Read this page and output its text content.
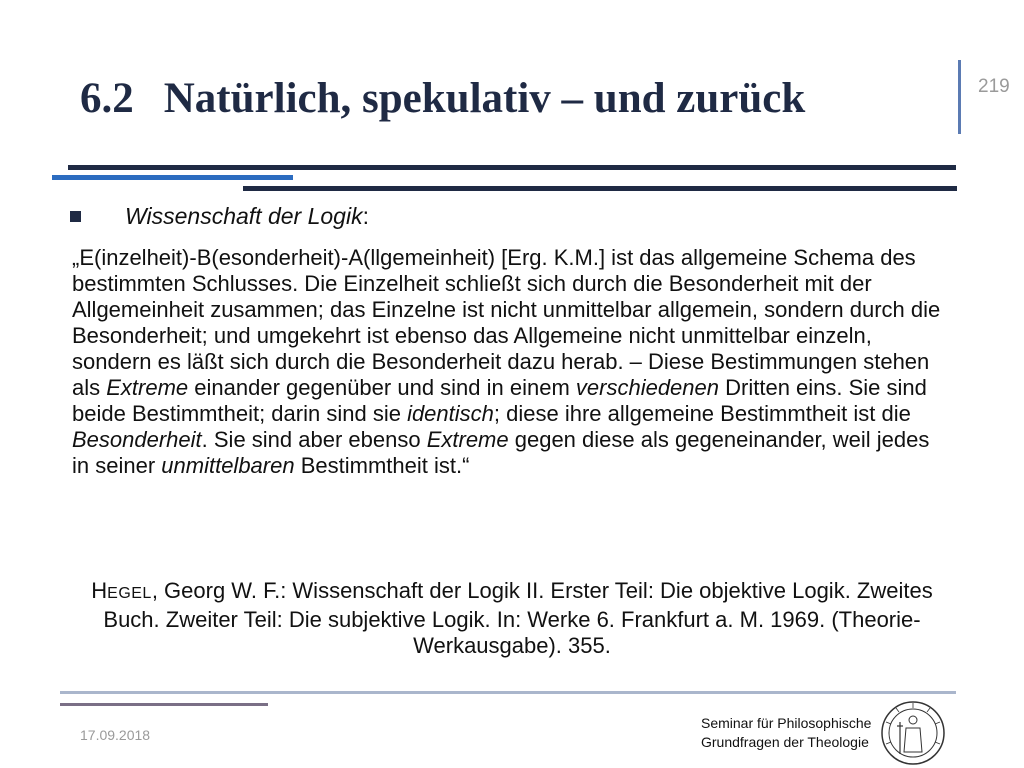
6.2 Natürlich, spekulativ – und zurück	219
Wissenschaft der Logik:

„E(inzelheit)-B(esonderheit)-A(llgemeinheit) [Erg. K.M.] ist das allgemeine Schema des bestimmten Schlusses. Die Einzelheit schließt sich durch die Besonderheit mit der Allgemeinheit zusammen; das Einzelne ist nicht unmittelbar allgemein, sondern durch die Besonderheit; und umgekehrt ist ebenso das Allgemeine nicht unmittelbar einzeln, sondern es läßt sich durch die Besonderheit dazu herab. – Diese Bestimmungen stehen als Extreme einander gegenüber und sind in einem verschiedenen Dritten eins. Sie sind beide Bestimmtheit; darin sind sie identisch; diese ihre allgemeine Bestimmtheit ist die Besonderheit. Sie sind aber ebenso Extreme gegen diese als gegeneinander, weil jedes in seiner unmittelbaren Bestimmtheit ist.“

HEGEL, Georg W. F.: Wissenschaft der Logik II. Erster Teil: Die objektive Logik. Zweites Buch. Zweiter Teil: Die subjektive Logik. In: Werke 6. Frankfurt a. M. 1969. (Theorie-Werkausgabe). 355.

17.09.2018
Seminar für Philosophische
Grundfragen der Theologie
